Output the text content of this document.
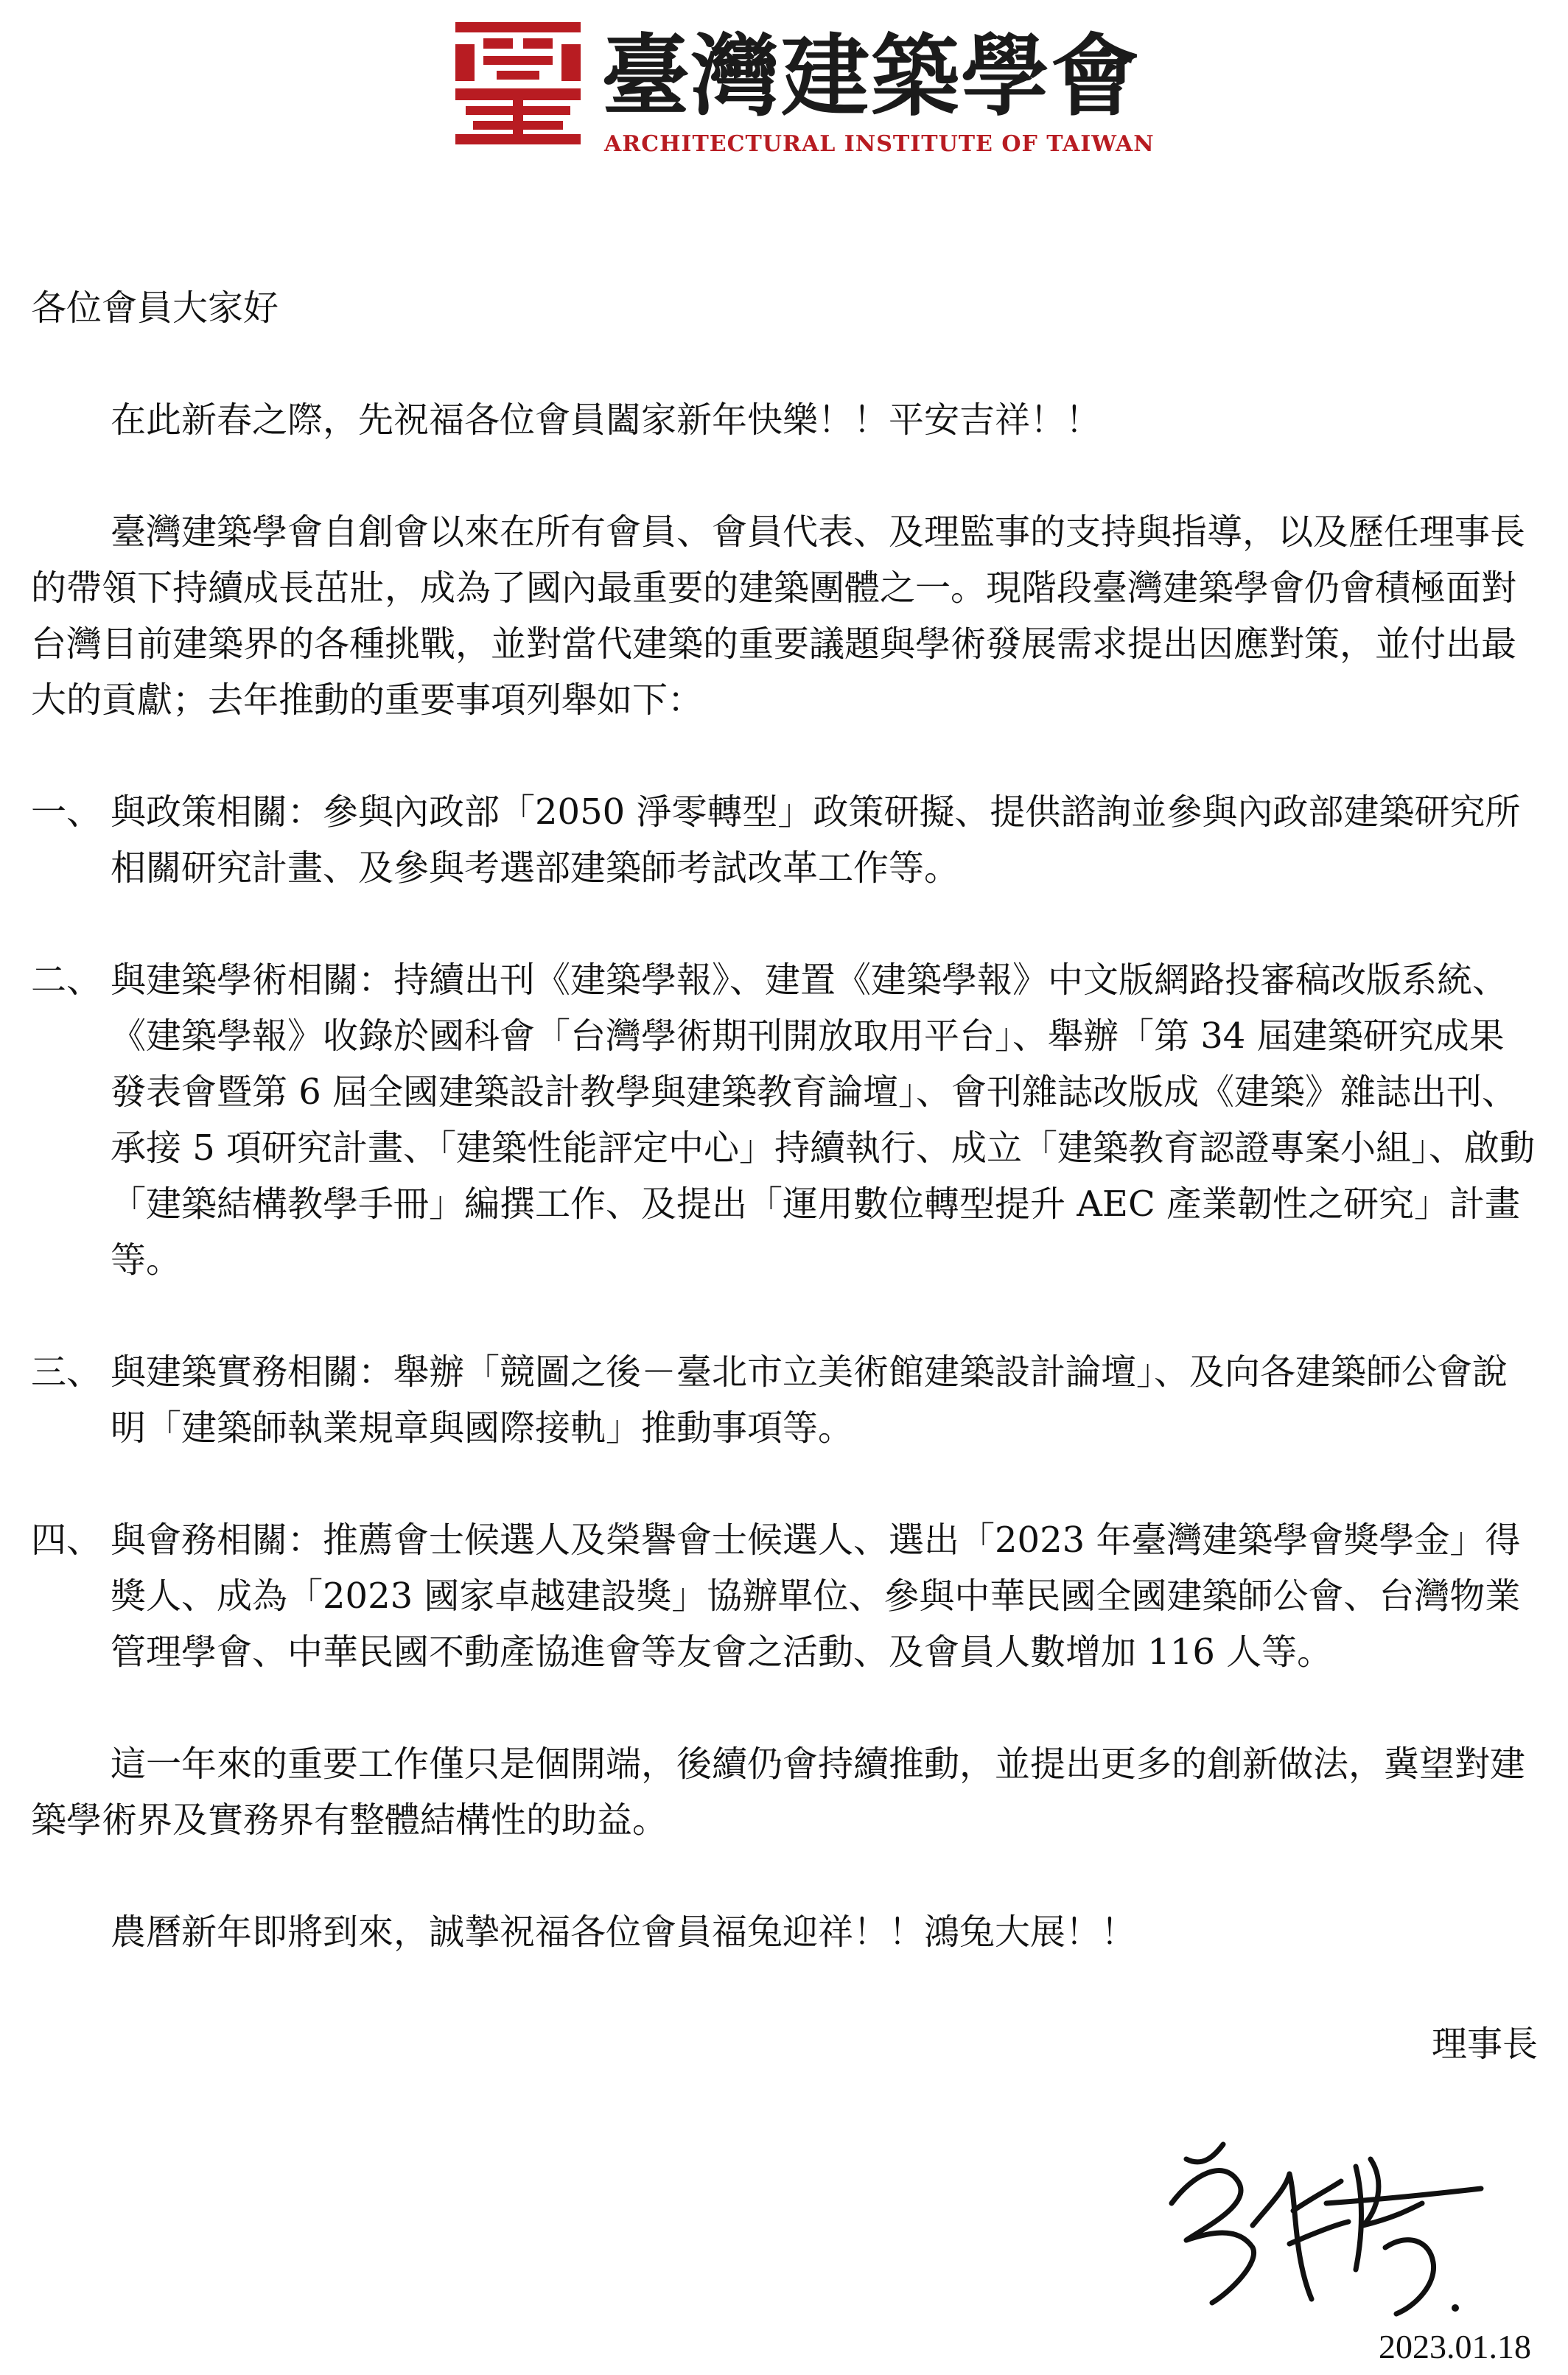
臺灣建築學會
ARCHITECTURAL INSTITUTE OF TAIWAN

各位會員大家好

在此新春之際，先祝福各位會員闔家新年快樂！！平安吉祥！！

臺灣建築學會自創會以來在所有會員、會員代表、及理監事的支持與指導，以及歷任理事長的帶領下持續成長茁壯，成為了國內最重要的建築團體之一。現階段臺灣建築學會仍會積極面對台灣目前建築界的各種挑戰，並對當代建築的重要議題與學術發展需求提出因應對策，並付出最大的貢獻；去年推動的重要事項列舉如下：

一、 與政策相關：參與內政部「2050 淨零轉型」政策研擬、提供諮詢並參與內政部建築研究所相關研究計畫、及參與考選部建築師考試改革工作等。
二、 與建築學術相關：持續出刊《建築學報》、建置《建築學報》中文版網路投審稿改版系統、《建築學報》收錄於國科會「台灣學術期刊開放取用平台」、舉辦「第 34 屆建築研究成果發表會暨第 6 屆全國建築設計教學與建築教育論壇」、會刊雜誌改版成《建築》雜誌出刊、承接 5 項研究計畫、「建築性能評定中心」持續執行、成立「建築教育認證專案小組」、啟動「建築結構教學手冊」編撰工作、及提出「運用數位轉型提升 AEC 產業韌性之研究」計畫等。
三、 與建築實務相關：舉辦「競圖之後－臺北市立美術館建築設計論壇」、及向各建築師公會說明「建築師執業規章與國際接軌」推動事項等。
四、 與會務相關：推薦會士候選人及榮譽會士候選人、選出「2023 年臺灣建築學會獎學金」得獎人、成為「2023 國家卓越建設獎」協辦單位、參與中華民國全國建築師公會、台灣物業管理學會、中華民國不動產協進會等友會之活動、及會員人數增加 116 人等。

這一年來的重要工作僅只是個開端，後續仍會持續推動，並提出更多的創新做法，冀望對建築學術界及實務界有整體結構性的助益。

農曆新年即將到來，誠摯祝福各位會員福兔迎祥！！鴻兔大展！！

理事長

2023.01.18
